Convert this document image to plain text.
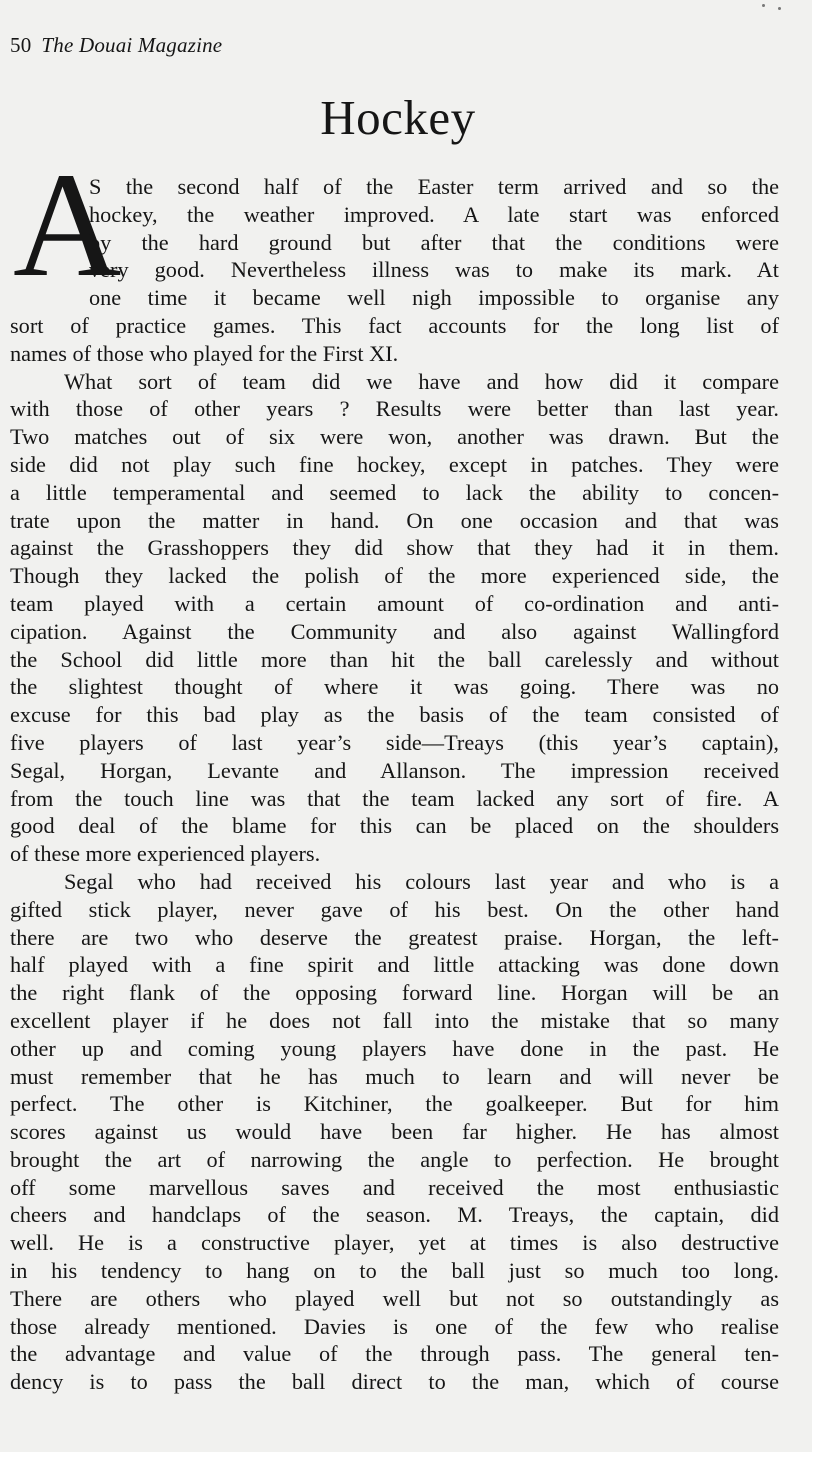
50 The Douai Magazine
Hockey
A
S the second half of the Easter term arrived and so the
hockey, the weather improved. A late start was enforced
by the hard ground but after that the conditions were
very good. Nevertheless illness was to make its mark. At
one time it became well nigh impossible to organise any
sort of practice games. This fact accounts for the long list of
names of those who played for the First XI.
What sort of team did we have and how did it compare
with those of other years ? Results were better than last year.
Two matches out of six were won, another was drawn. But the
side did not play such fine hockey, except in patches. They were
a little temperamental and seemed to lack the ability to concen-
trate upon the matter in hand. On one occasion and that was
against the Grasshoppers they did show that they had it in them.
Though they lacked the polish of the more experienced side, the
team played with a certain amount of co-ordination and anti-
cipation. Against the Community and also against Wallingford
the School did little more than hit the ball carelessly and without
the slightest thought of where it was going. There was no
excuse for this bad play as the basis of the team consisted of
five players of last year’s side—Treays (this year’s captain),
Segal, Horgan, Levante and Allanson. The impression received
from the touch line was that the team lacked any sort of fire. A
good deal of the blame for this can be placed on the shoulders
of these more experienced players.
Segal who had received his colours last year and who is a
gifted stick player, never gave of his best. On the other hand
there are two who deserve the greatest praise. Horgan, the left-
half played with a fine spirit and little attacking was done down
the right flank of the opposing forward line. Horgan will be an
excellent player if he does not fall into the mistake that so many
other up and coming young players have done in the past. He
must remember that he has much to learn and will never be
perfect. The other is Kitchiner, the goalkeeper. But for him
scores against us would have been far higher. He has almost
brought the art of narrowing the angle to perfection. He brought
off some marvellous saves and received the most enthusiastic
cheers and handclaps of the season. M. Treays, the captain, did
well. He is a constructive player, yet at times is also destructive
in his tendency to hang on to the ball just so much too long.
There are others who played well but not so outstandingly as
those already mentioned. Davies is one of the few who realise
the advantage and value of the through pass. The general ten-
dency is to pass the ball direct to the man, which of course
